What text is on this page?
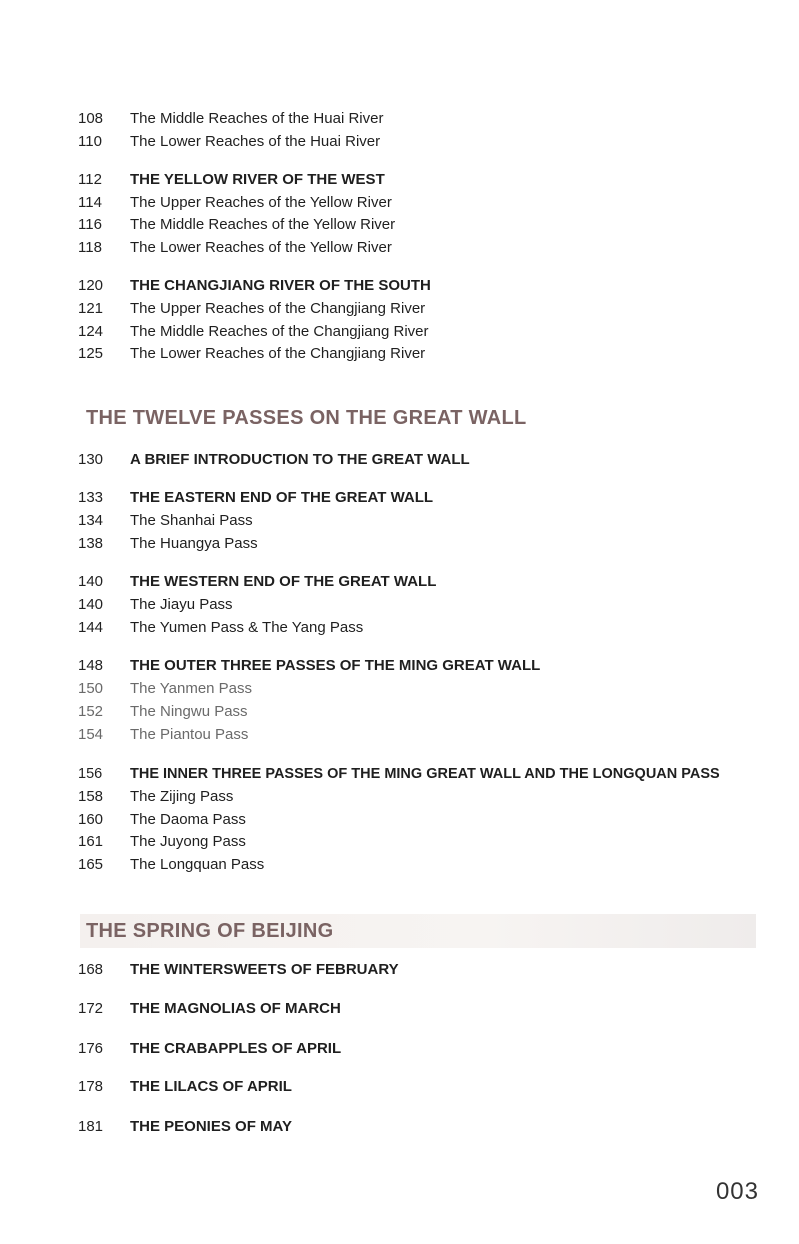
108 The Middle Reaches of the Huai River
110 The Lower Reaches of the Huai River
112 THE YELLOW RIVER OF THE WEST
114 The Upper Reaches of the Yellow River
116 The Middle Reaches of the Yellow River
118 The Lower Reaches of the Yellow River
120 THE CHANGJIANG RIVER OF THE SOUTH
121 The Upper Reaches of the Changjiang River
124 The Middle Reaches of the Changjiang River
125 The Lower Reaches of the Changjiang River
THE TWELVE PASSES ON THE GREAT WALL
130 A BRIEF INTRODUCTION TO THE GREAT WALL
133 THE EASTERN END OF THE GREAT WALL
134 The Shanhai Pass
138 The Huangya Pass
140 THE WESTERN END OF THE GREAT WALL
140 The Jiayu Pass
144 The Yumen Pass & The Yang Pass
148 THE OUTER THREE PASSES OF THE MING GREAT WALL
150 The Yanmen Pass
152 The Ningwu Pass
154 The Piantou Pass
156 THE INNER THREE PASSES OF THE MING GREAT WALL AND THE LONGQUAN PASS
158 The Zijing Pass
160 The Daoma Pass
161 The Juyong Pass
165 The Longquan Pass
THE SPRING OF BEIJING
168 THE WINTERSWEETS OF FEBRUARY
172 THE MAGNOLIAS OF MARCH
176 THE CRABAPPLES OF APRIL
178 THE LILACS OF APRIL
181 THE PEONIES OF MAY
003
